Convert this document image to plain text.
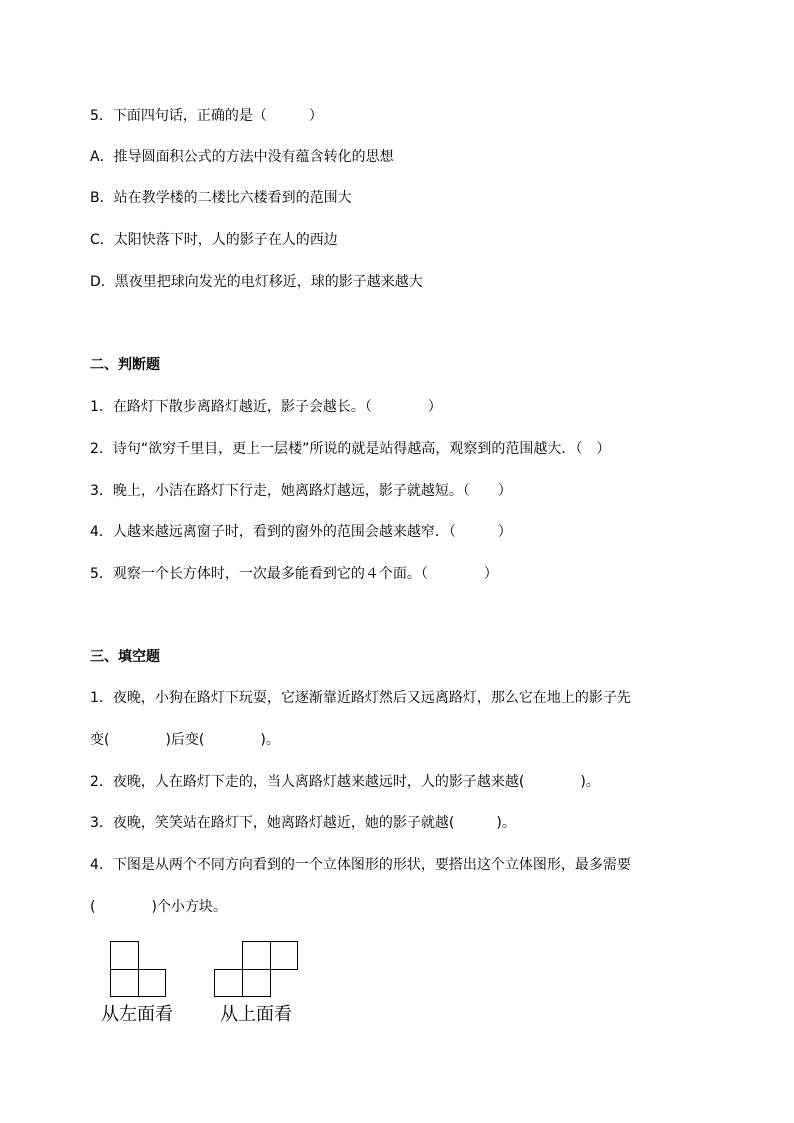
5．下面四句话，正确的是（　　　）
A．推导圆面积公式的方法中没有蕴含转化的思想
B．站在教学楼的二楼比六楼看到的范围大
C．太阳快落下时，人的影子在人的西边
D．黑夜里把球向发光的电灯移近，球的影子越来越大
二、判断题
1．在路灯下散步离路灯越近，影子会越长。（　　　　）
2．诗句“欲穷千里目，更上一层楼”所说的就是站得越高，观察到的范围越大．（　）
3．晚上，小洁在路灯下行走，她离路灯越远，影子就越短。（　　）
4．人越来越远离窗子时，看到的窗外的范围会越来越窄．（　　　）
5．观察一个长方体时，一次最多能看到它的４个面。（　　　　）
三、填空题
1．夜晚，小狗在路灯下玩耍，它逐渐靠近路灯然后又远离路灯，那么它在地上的影子先
变(　　　　)后变(　　　　)。
2．夜晚，人在路灯下走的，当人离路灯越来越远时，人的影子越来越(　　　　)。
3．夜晚，笑笑站在路灯下，她离路灯越近，她的影子就越(　　　)。
4．下图是从两个不同方向看到的一个立体图形的形状，要搭出这个立体图形，最多需要
(　　　　)个小方块。
从左面看	从上面看
